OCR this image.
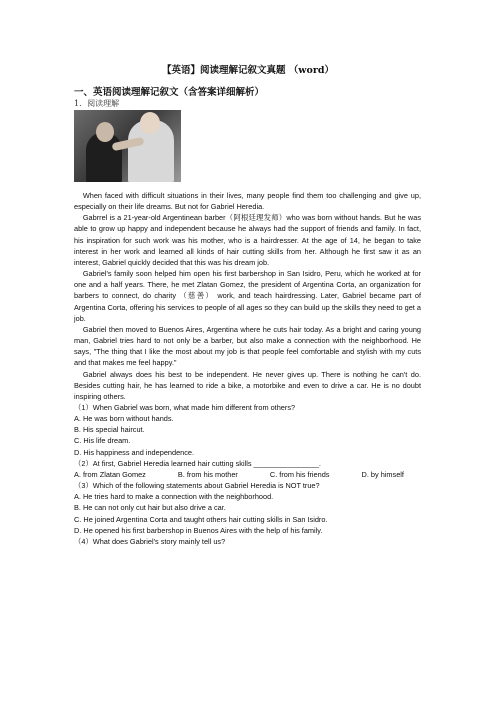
【英语】阅读理解记叙文真题 （word）
一、英语阅读理解记叙文（含答案详细解析）
1．阅读理解

When faced with difficult situations in their lives, many people find them too challenging and give up, especially on their life dreams. But not for Gabriel Heredia.

Gabrrel is a 21-year-old Argentinean barber（阿根廷理发师）who was born without hands. But he was able to grow up happy and independent because he always had the support of friends and family. In fact, his inspiration for such work was his mother, who is a hairdresser. At the age of 14, he began to take interest in her work and learned all kinds of hair cutting skills from her. Although he first saw it as an interest, Gabriel quickly decided that this was his dream job.

Gabriel's family soon helped him open his first barbershop in San Isidro, Peru, which he worked at for one and a half years. There, he met Zlatan Gomez, the president of Argentina Corta, an organization for barbers to connect, do charity （慈善） work, and teach hairdressing. Later, Gabriel became part of Argentina Corta, offering his services to people of all ages so they can build up the skills they need to get a job.

Gabriel then moved to Buenos Aires, Argentina where he cuts hair today. As a bright and caring young man, Gabriel tries hard to not only be a barber, but also make a connection with the neighborhood. He says, "The thing that I like the most about my job is that people feel comfortable and stylish with my cuts and that makes me feel happy."

Gabriel always does his best to be independent. He never gives up. There is nothing he can't do. Besides cutting hair, he has learned to ride a bike, a motorbike and even to drive a car. He is no doubt inspiring others.

（1）When Gabriel was born, what made him different from others?

A. He was born without hands.

B. His special haircut.

C. His life dream.

D. His happiness and independence.

（2）At first, Gabriel Heredia learned hair cutting skills ________________.

A. from Zlatan Gomez	B. from his mother	C. from his friends	D. by himself

（3）Which of the following statements about Gabriel Heredia is NOT true?

A. He tries hard to make a connection with the neighborhood.

B. He can not only cut hair but also drive a car.

C. He joined Argentina Corta and taught others hair cutting skills in San Isidro.

D. He opened his first barbershop in Buenos Aires with the help of his family.

（4）What does Gabriel's story mainly tell us?
